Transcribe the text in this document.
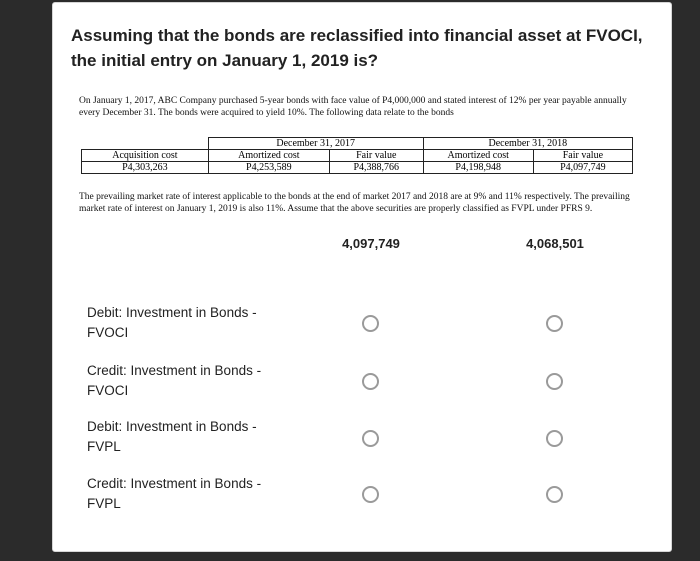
Assuming that the bonds are reclassified into financial asset at FVOCI, the initial entry on January 1, 2019 is?

On January 1, 2017, ABC Company purchased 5-year bonds with face value of P4,000,000 and stated interest of 12% per year payable annually every December 31. The bonds were acquired to yield 10%. The following data relate to the bonds

	December 31, 2017		December 31, 2018	
Acquisition cost	Amortized cost	Fair value	Amortized cost	Fair value
P4,303,263	P4,253,589	P4,388,766	P4,198,948	P4,097,749
The prevailing market rate of interest applicable to the bonds at the end of market 2017 and 2018 are at 9% and 11% respectively. The prevailing market rate of interest on January 1, 2019 is also 11%. Assume that the above securities are properly classified as FVPL under PFRS 9.
4,097,749	4,068,501
Debit: Investment in Bonds - FVOCI
Credit: Investment in Bonds - FVOCI
Debit: Investment in Bonds - FVPL
Credit: Investment in Bonds - FVPL
